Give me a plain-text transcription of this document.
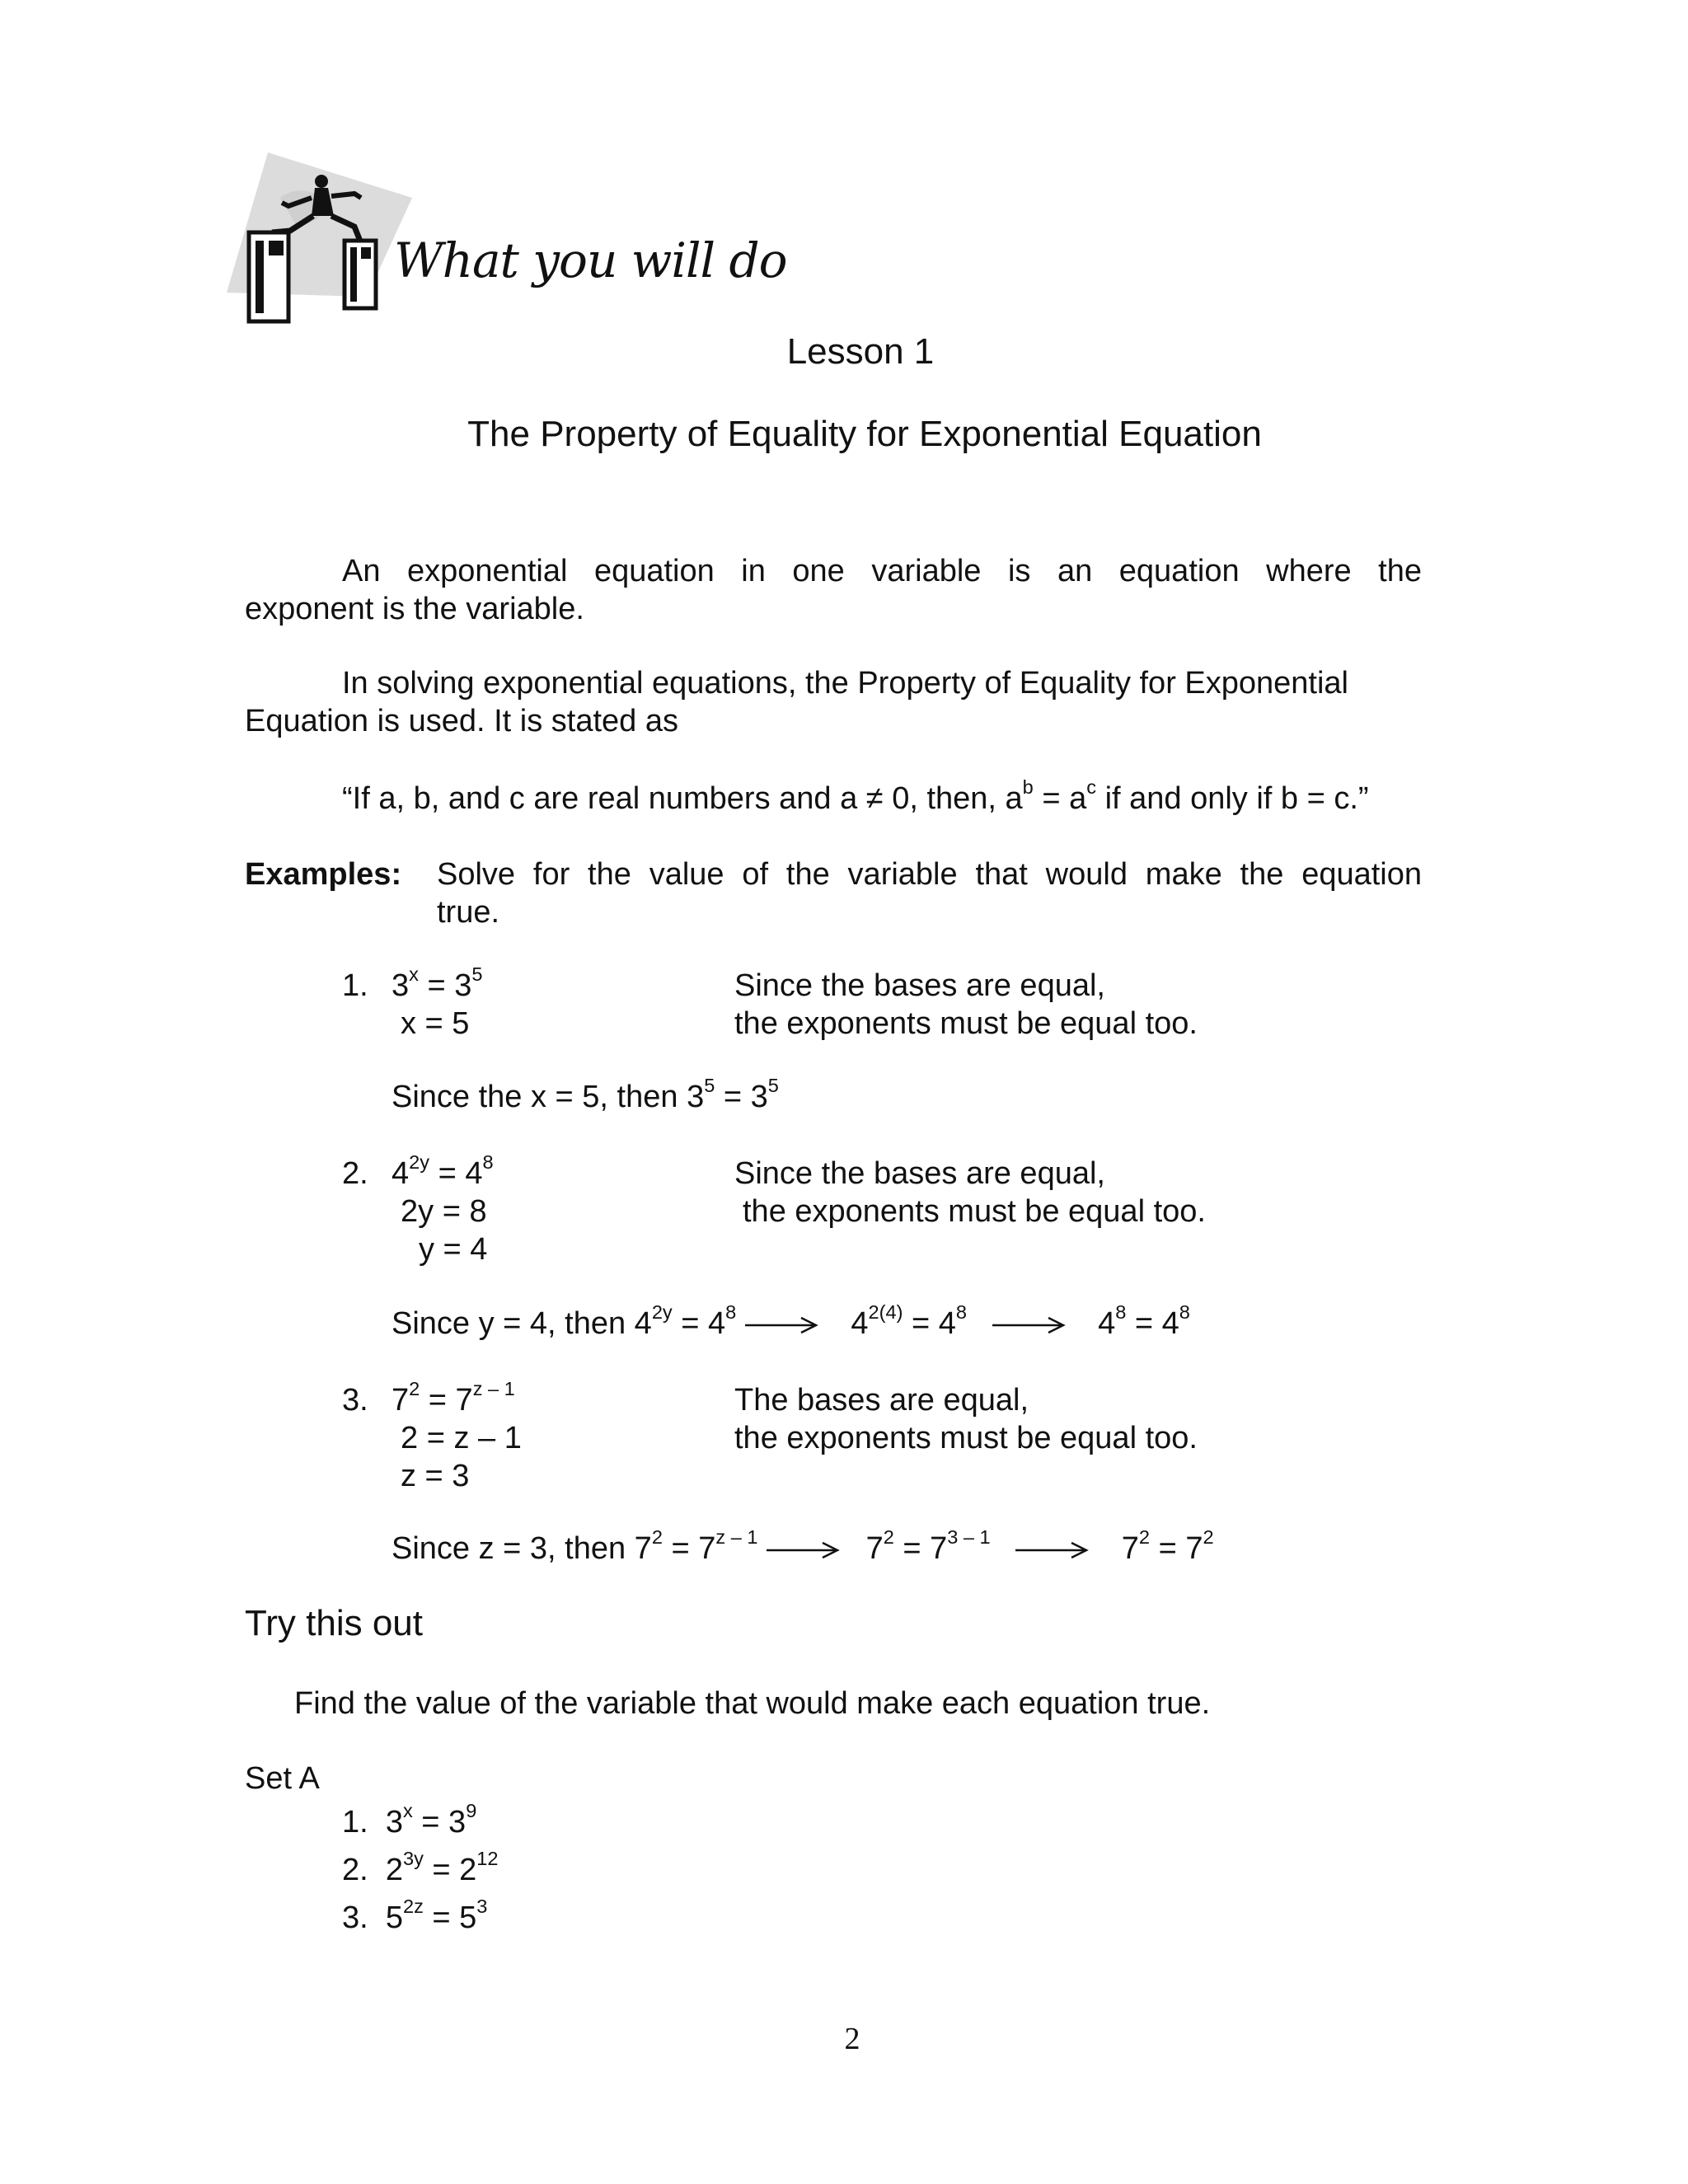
What you will do
Lesson 1
The Property of Equality for Exponential Equation
An exponential equation in one variable is an equation where the
exponent is the variable.
In solving exponential equations, the Property of Equality for Exponential
Equation is used. It is stated as
“If a, b, and c are real numbers and a ≠ 0, then, $a^b = a^c$ if and only if b = c.”
Examples: Solve for the value of the variable that would make the equation
true.
1. $3^x = 3^5$
x = 5
Since the bases are equal,
the exponents must be equal too.
Since the x = 5, then $3^5 = 3^5$
2. $4^{2y} = 4^8$
2y = 8
y = 4
Since the bases are equal,
the exponents must be equal too.
Since y = 4, then $4^{2y} = 4^8$	$4^{2(4)} = 4^8$	$4^8 = 4^8$
3. $7^2 = 7^{z - 1}$
2 = z – 1
z = 3
The bases are equal,
the exponents must be equal too.
Since z = 3, then $7^2 = 7^{z - 1}$	$7^2 = 7^{3 - 1}$	$7^2 = 7^2$
Try this out
Find the value of the variable that would make each equation true.
Set A
1. $3^x = 3^9$
2. $2^{3y} = 2^{12}$
3. $5^{2z} = 5^3$
2
